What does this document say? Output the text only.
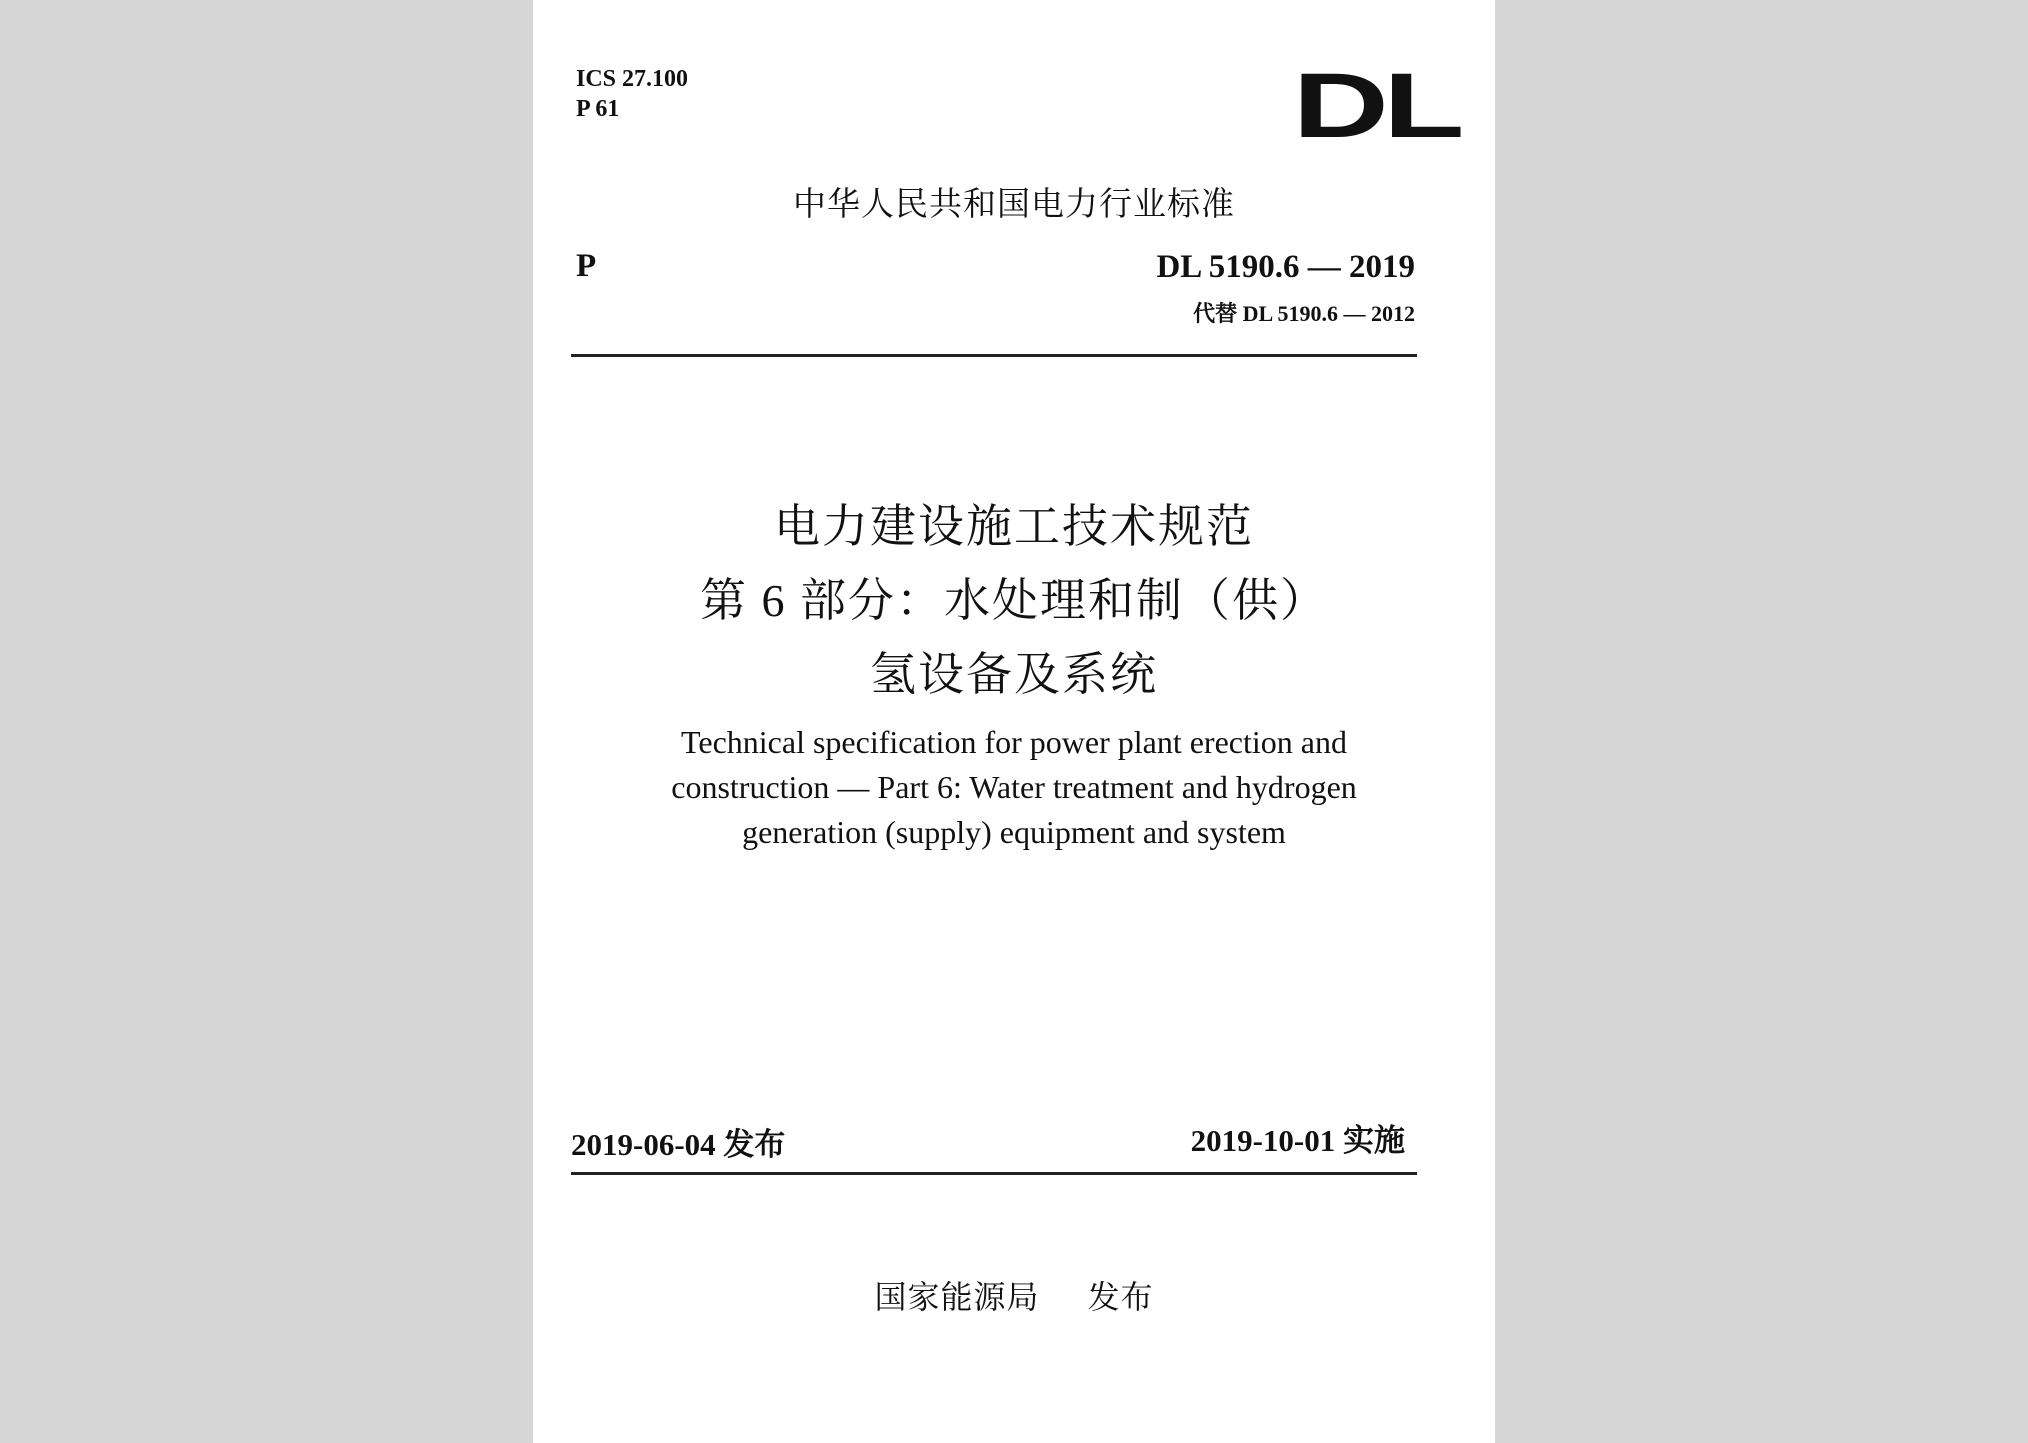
ICS 27.100
P 61	DL
中华人民共和国电力行业标准
P	DL 5190.6 — 2019
代替 DL 5190.6 — 2012
电力建设施工技术规范
第 6 部分：水处理和制（供）
氢设备及系统
Technical specification for power plant erection and
construction — Part 6: Water treatment and hydrogen
generation (supply) equipment and system
2019-06-04 发布	2019-10-01 实施
国家能源局 发布
